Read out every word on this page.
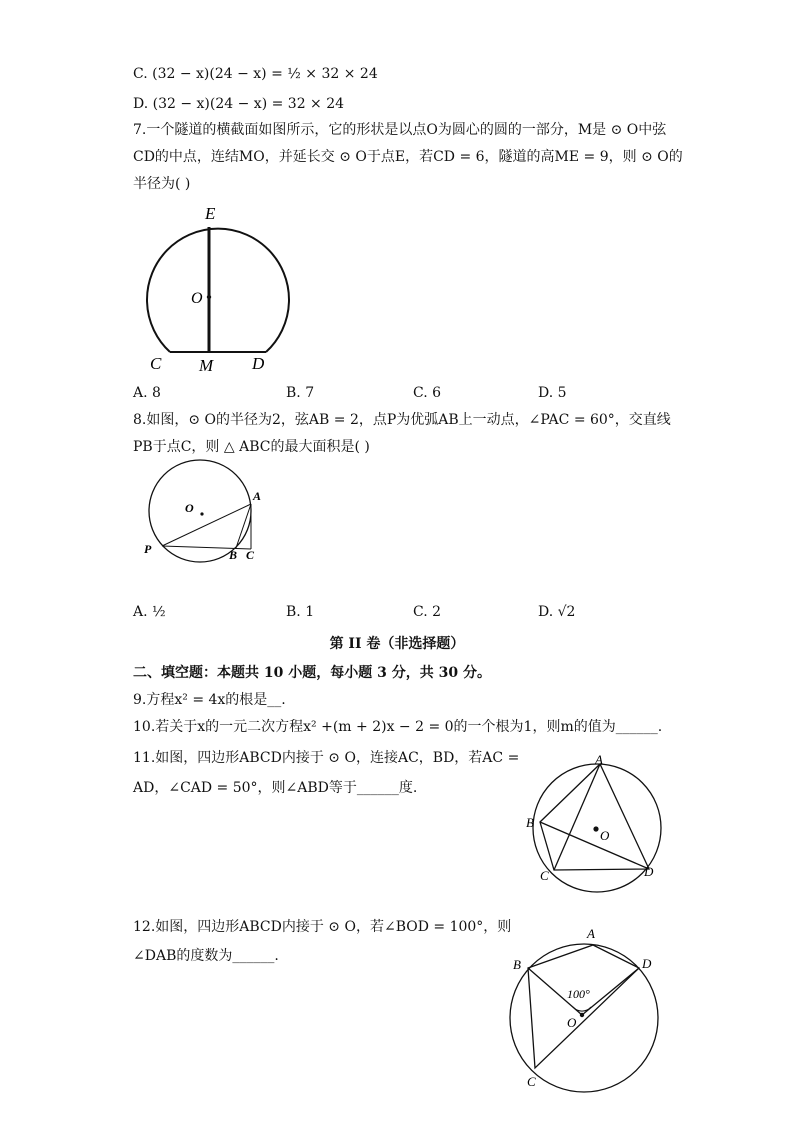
C. (32 − x)(24 − x) = ½ × 32 × 24
D. (32 − x)(24 − x) = 32 × 24
7.一个隧道的横截面如图所示，它的形状是以点O为圆心的圆的一部分，M是 ⊙ O中弦
CD的中点，连结MO，并延长交 ⊙ O于点E，若CD = 6，隧道的高ME = 9，则 ⊙ O的
半径为( )
E
O
C M D
A. 8	B. 7	C. 6	D. 5
8.如图，⊙ O的半径为2，弦AB = 2，点P为优弧AB上一动点，∠PAC = 60°，交直线
PB于点C，则 △ ABC的最大面积是( )
O
A
P	B C
A. ½	B. 1	C. 2	D. √2
第 II 卷（非选择题）
二、填空题：本题共 10 小题，每小题 3 分，共 30 分。
9.方程x² = 4x的根是__.
10.若关于x的一元二次方程x² +(m + 2)x − 2 = 0的一个根为1，则m的值为______.
11.如图，四边形ABCD内接于 ⊙ O，连接AC，BD，若AC =
AD，∠CAD = 50°，则∠ABD等于______度.
A
B
C	D
O
12.如图，四边形ABCD内接于 ⊙ O，若∠BOD = 100°，则
∠DAB的度数为______.
A
B	D
C
O
100°
